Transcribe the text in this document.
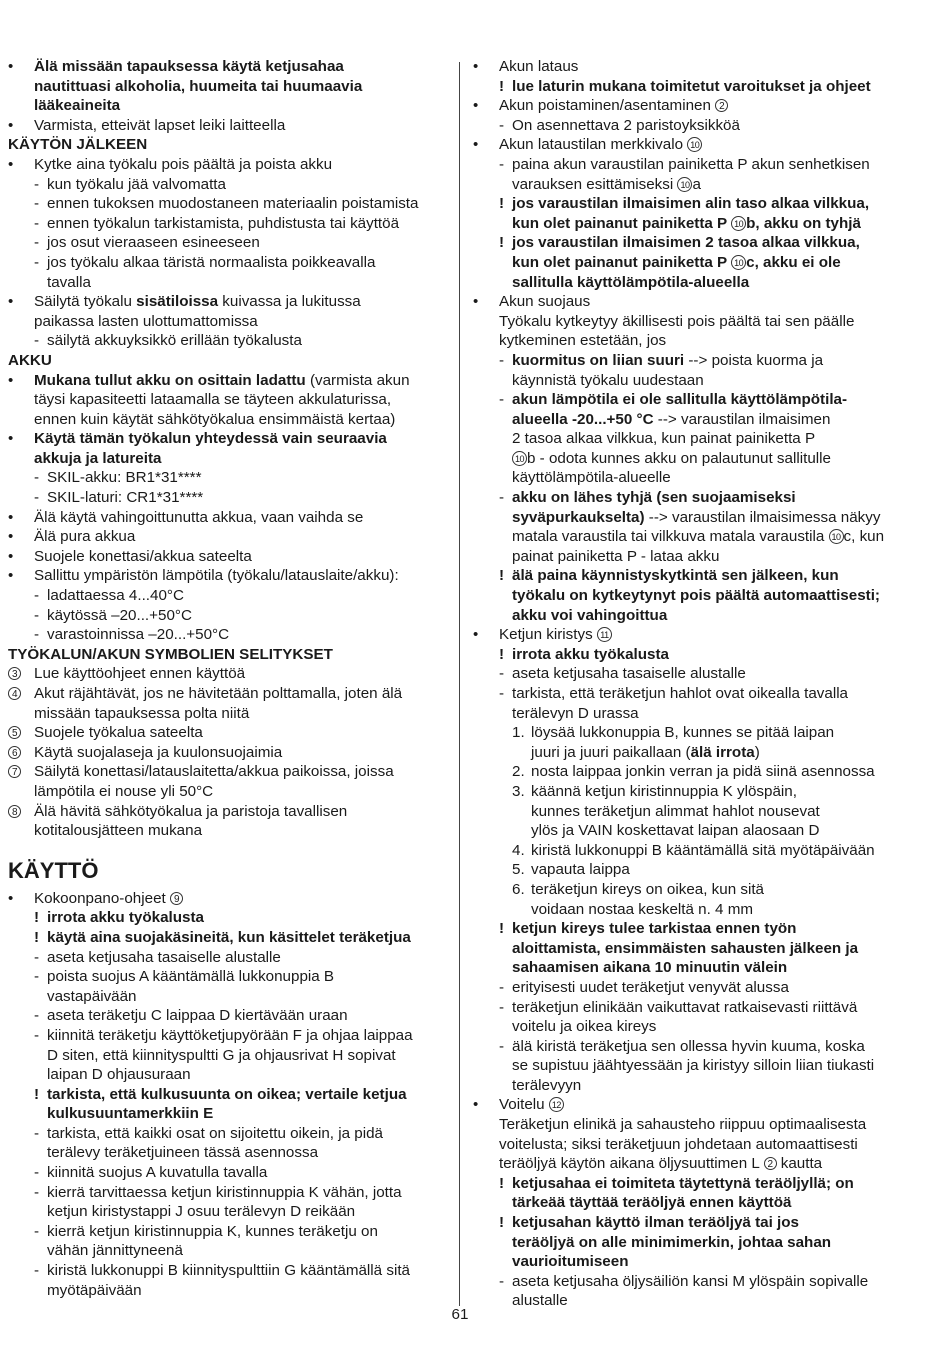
• Älä missään tapauksessa käytä ketjusahaa
nautittuasi alkoholia, huumeita tai huumaavia
lääkeaineita
• Varmista, etteivät lapset leiki laitteella
KÄYTÖN JÄLKEEN
• Kytke aina työkalu pois päältä ja poista akku
- kun työkalu jää valvomatta
- ennen tukoksen muodostaneen materiaalin poistamista
- ennen työkalun tarkistamista, puhdistusta tai käyttöä
- jos osut vieraaseen esineeseen
- jos työkalu alkaa täristä normaalista poikkeavalla
tavalla
• Säilytä työkalu sisätiloissa kuivassa ja lukitussa
paikassa lasten ulottumattomissa
- säilytä akkuyksikkö erillään työkalusta
AKKU
• Mukana tullut akku on osittain ladattu (varmista akun
täysi kapasiteetti lataamalla se täyteen akkulaturissa,
ennen kuin käytät sähkötyökalua ensimmäistä kertaa)
• Käytä tämän työkalun yhteydessä vain seuraavia
akkuja ja latureita
- SKIL-akku: BR1*31****
- SKIL-laturi: CR1*31****
• Älä käytä vahingoittunutta akkua, vaan vaihda se
• Älä pura akkua
• Suojele konettasi/akkua sateelta
• Sallittu ympäristön lämpötila (työkalu/latauslaite/akku):
- ladattaessa 4...40°C
- käytössä –20...+50°C
- varastoinnissa –20...+50°C
TYÖKALUN/AKUN SYMBOLIEN SELITYKSET
3 Lue käyttöohjeet ennen käyttöä
4 Akut räjähtävät, jos ne hävitetään polttamalla, joten älä
missään tapauksessa polta niitä
5 Suojele työkalua sateelta
6 Käytä suojalaseja ja kuulonsuojaimia
7 Säilytä konettasi/latauslaitetta/akkua paikoissa, joissa
lämpötila ei nouse yli 50°C
8 Älä hävitä sähkötyökalua ja paristoja tavallisen
kotitalousjätteen mukana
KÄYTTÖ
• Kokoonpano-ohjeet 9
! irrota akku työkalusta
! käytä aina suojakäsineitä, kun käsittelet teräketjua
- aseta ketjusaha tasaiselle alustalle
- poista suojus A kääntämällä lukkonuppia B
vastapäivään
- aseta teräketju C laippaa D kiertävään uraan
- kiinnitä teräketju käyttöketjupyörään F ja ohjaa laippaa
D siten, että kiinnityspultti G ja ohjausrivat H sopivat
laipan D ohjausuraan
! tarkista, että kulkusuunta on oikea; vertaile ketjua
kulkusuuntamerkkiin E
- tarkista, että kaikki osat on sijoitettu oikein, ja pidä
terälevy teräketjuineen tässä asennossa
- kiinnitä suojus A kuvatulla tavalla
- kierrä tarvittaessa ketjun kiristinnuppia K vähän, jotta
ketjun kiristystappi J osuu terälevyn D reikään
- kierrä ketjun kiristinnuppia K, kunnes teräketju on
vähän jännittyneenä
- kiristä lukkonuppi B kiinnityspulttiin G kääntämällä sitä
myötäpäivään
• Akun lataus
! lue laturin mukana toimitetut varoitukset ja ohjeet
• Akun poistaminen/asentaminen 2
- On asennettava 2 paristoyksikköä
• Akun lataustilan merkkivalo 10
- paina akun varaustilan painiketta P akun senhetkisen
varauksen esittämiseksi 10 a
! jos varaustilan ilmaisimen alin taso alkaa vilkkua,
kun olet painanut painiketta P 10 b, akku on tyhjä
! jos varaustilan ilmaisimen 2 tasoa alkaa vilkkua,
kun olet painanut painiketta P 10 c, akku ei ole
sallitulla käyttölämpötila-alueella
• Akun suojaus
Työkalu kytkeytyy äkillisesti pois päältä tai sen päälle
kytkeminen estetään, jos
- kuormitus on liian suuri --> poista kuorma ja
käynnistä työkalu uudestaan
- akun lämpötila ei ole sallitulla käyttölämpötila-
alueella -20...+50 °C --> varaustilan ilmaisimen
2 tasoa alkaa vilkkua, kun painat painiketta P
10 b - odota kunnes akku on palautunut sallitulle
käyttölämpötila-alueelle
- akku on lähes tyhjä (sen suojaamiseksi
syväpurkaukselta) --> varaustilan ilmaisimessa näkyy
matala varaustila tai vilkkuva matala varaustila 10 c, kun
painat painiketta P - lataa akku
! älä paina käynnistyskytkintä sen jälkeen, kun
työkalu on kytkeytynyt pois päältä automaattisesti;
akku voi vahingoittua
• Ketjun kiristys 11
! irrota akku työkalusta
- aseta ketjusaha tasaiselle alustalle
- tarkista, että teräketjun hahlot ovat oikealla tavalla
terälevyn D urassa
1. löysää lukkonuppia B, kunnes se pitää laipan
juuri ja juuri paikallaan (älä irrota)
2. nosta laippaa jonkin verran ja pidä siinä asennossa
3. käännä ketjun kiristinnuppia K ylöspäin,
kunnes teräketjun alimmat hahlot nousevat
ylös ja VAIN koskettavat laipan alaosaan D
4. kiristä lukkonuppi B kääntämällä sitä myötäpäivään
5. vapauta laippa
6. teräketjun kireys on oikea, kun sitä
voidaan nostaa keskeltä n. 4 mm
! ketjun kireys tulee tarkistaa ennen työn
aloittamista, ensimmäisten sahausten jälkeen ja
sahaamisen aikana 10 minuutin välein
- erityisesti uudet teräketjut venyvät alussa
- teräketjun elinikään vaikuttavat ratkaisevasti riittävä
voitelu ja oikea kireys
- älä kiristä teräketjua sen ollessa hyvin kuuma, koska
se supistuu jäähtyessään ja kiristyy silloin liian tiukasti
terälevyyn
• Voitelu 12
Teräketjun elinikä ja sahausteho riippuu optimaalisesta
voitelusta; siksi teräketjuun johdetaan automaattisesti
teräöljyä käytön aikana öljysuuttimen L 2 kautta
! ketjusahaa ei toimiteta täytettynä teräöljyllä; on
tärkeää täyttää teräöljyä ennen käyttöä
! ketjusahan käyttö ilman teräöljyä tai jos
teräöljyä on alle minimimerkin, johtaa sahan
vaurioitumiseen
- aseta ketjusaha öljysäiliön kansi M ylöspäin sopivalle
alustalle
61
